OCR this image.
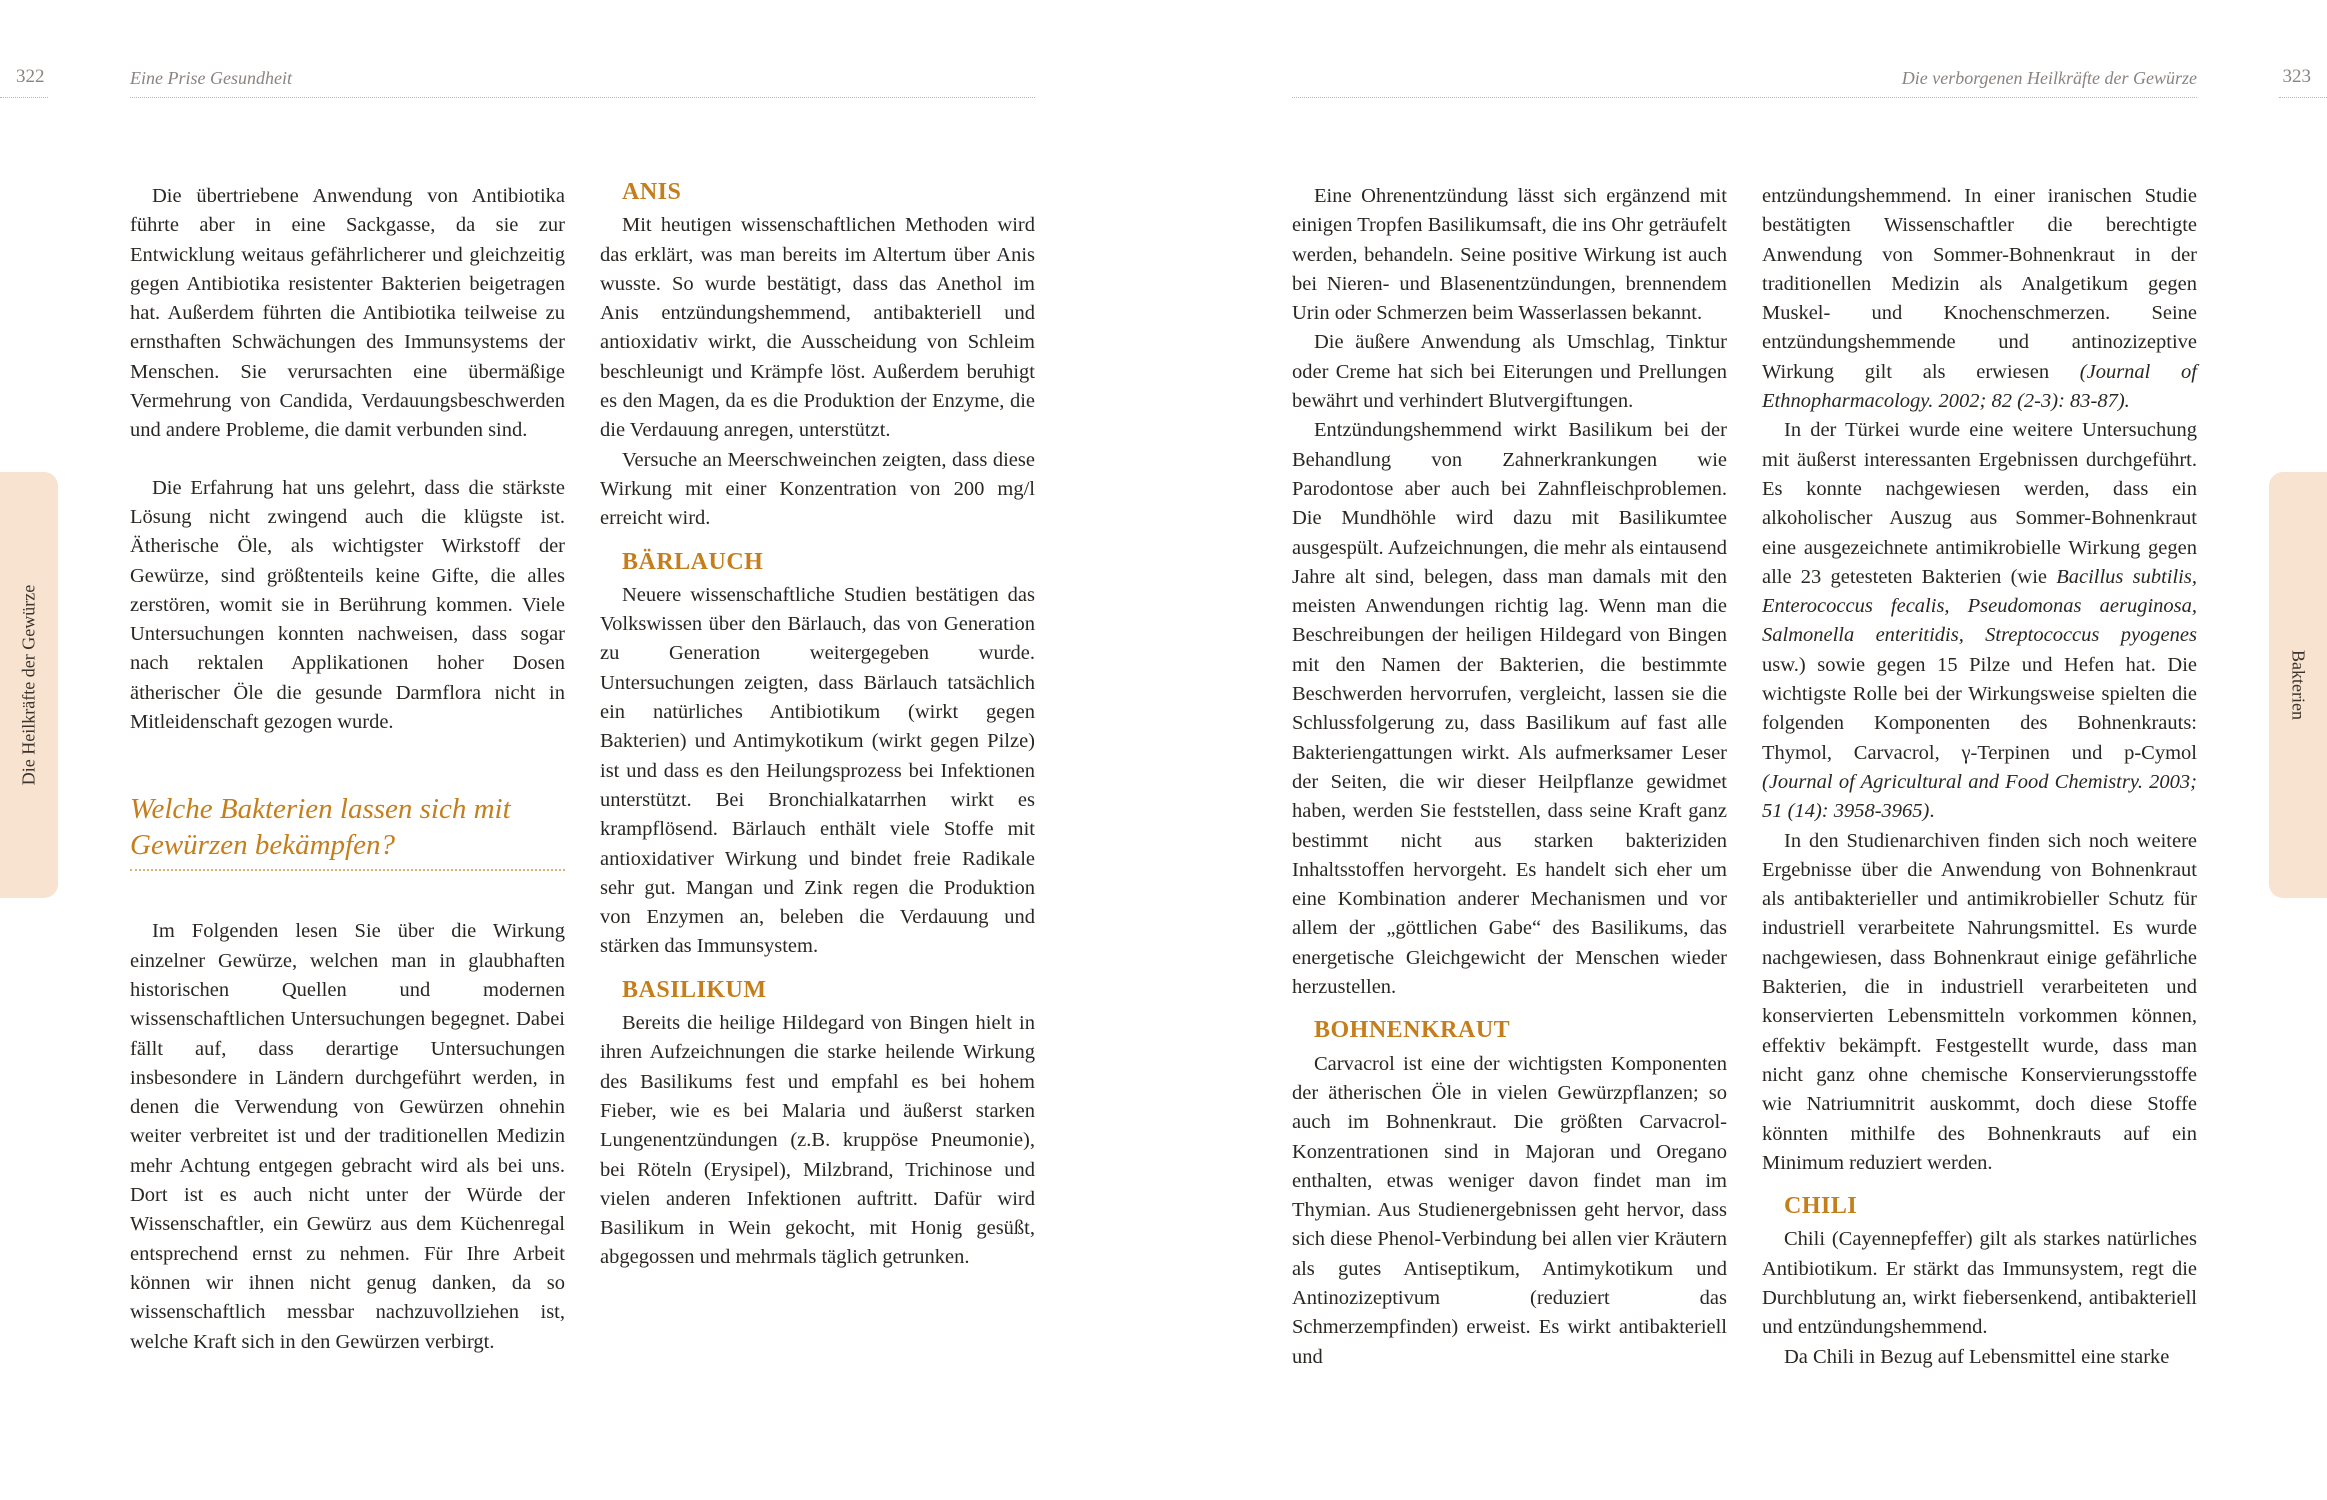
322	Eine Prise Gesundheit	Die verborgenen Heilkräfte der Gewürze	323
Die Heilkräfte der Gewürze	Bakterien

Die übertriebene Anwendung von Antibiotika führte aber in eine Sackgasse, da sie zur Entwicklung weitaus gefährlicherer und gleichzeitig gegen Antibiotika resistenter Bakterien beigetragen hat. Außerdem führten die Antibiotika teilweise zu ernsthaften Schwächungen des Immunsystems der Menschen. Sie verursachten eine übermäßige Vermehrung von Candida, Verdauungsbeschwerden und andere Probleme, die damit verbunden sind.

Die Erfahrung hat uns gelehrt, dass die stärkste Lösung nicht zwingend auch die klügste ist. Ätherische Öle, als wichtigster Wirkstoff der Gewürze, sind größtenteils keine Gifte, die alles zerstören, womit sie in Berührung kommen. Viele Untersuchungen konnten nachweisen, dass sogar nach rektalen Applikationen hoher Dosen ätherischer Öle die gesunde Darmflora nicht in Mitleidenschaft gezogen wurde.

Welche Bakterien lassen sich mit Gewürzen bekämpfen?

Im Folgenden lesen Sie über die Wirkung einzelner Gewürze, welchen man in glaubhaften historischen Quellen und modernen wissenschaftlichen Untersuchungen begegnet. Dabei fällt auf, dass derartige Untersuchungen insbesondere in Ländern durchgeführt werden, in denen die Verwendung von Gewürzen ohnehin weiter verbreitet ist und der traditionellen Medizin mehr Achtung entgegen gebracht wird als bei uns. Dort ist es auch nicht unter der Würde der Wissenschaftler, ein Gewürz aus dem Küchenregal entsprechend ernst zu nehmen. Für Ihre Arbeit können wir ihnen nicht genug danken, da so wissenschaftlich messbar nachzuvollziehen ist, welche Kraft sich in den Gewürzen verbirgt.

ANIS

Mit heutigen wissenschaftlichen Methoden wird das erklärt, was man bereits im Altertum über Anis wusste. So wurde bestätigt, dass das Anethol im Anis entzündungshemmend, antibakteriell und antioxidativ wirkt, die Ausscheidung von Schleim beschleunigt und Krämpfe löst. Außerdem beruhigt es den Magen, da es die Produktion der Enzyme, die die Verdauung anregen, unterstützt.

Versuche an Meerschweinchen zeigten, dass diese Wirkung mit einer Konzentration von 200 mg/l erreicht wird.

BÄRLAUCH

Neuere wissenschaftliche Studien bestätigen das Volkswissen über den Bärlauch, das von Generation zu Generation weitergegeben wurde. Untersuchungen zeigten, dass Bärlauch tatsächlich ein natürliches Antibiotikum (wirkt gegen Bakterien) und Antimykotikum (wirkt gegen Pilze) ist und dass es den Heilungsprozess bei Infektionen unterstützt. Bei Bronchialkatarrhen wirkt es krampflösend. Bärlauch enthält viele Stoffe mit antioxidativer Wirkung und bindet freie Radikale sehr gut. Mangan und Zink regen die Produktion von Enzymen an, beleben die Verdauung und stärken das Immunsystem.

BASILIKUM

Bereits die heilige Hildegard von Bingen hielt in ihren Aufzeichnungen die starke heilende Wirkung des Basilikums fest und empfahl es bei hohem Fieber, wie es bei Malaria und äußerst starken Lungenentzündungen (z.B. kruppöse Pneumonie), bei Röteln (Erysipel), Milzbrand, Trichinose und vielen anderen Infektionen auftritt. Dafür wird Basilikum in Wein gekocht, mit Honig gesüßt, abgegossen und mehrmals täglich getrunken.

Eine Ohrenentzündung lässt sich ergänzend mit einigen Tropfen Basilikumsaft, die ins Ohr geträufelt werden, behandeln. Seine positive Wirkung ist auch bei Nieren- und Blasenentzündungen, brennendem Urin oder Schmerzen beim Wasserlassen bekannt.

Die äußere Anwendung als Umschlag, Tinktur oder Creme hat sich bei Eiterungen und Prellungen bewährt und verhindert Blutvergiftungen.

Entzündungshemmend wirkt Basilikum bei der Behandlung von Zahnerkrankungen wie Parodontose aber auch bei Zahnfleischproblemen. Die Mundhöhle wird dazu mit Basilikumtee ausgespült. Aufzeichnungen, die mehr als eintausend Jahre alt sind, belegen, dass man damals mit den meisten Anwendungen richtig lag. Wenn man die Beschreibungen der heiligen Hildegard von Bingen mit den Namen der Bakterien, die bestimmte Beschwerden hervorrufen, vergleicht, lassen sie die Schlussfolgerung zu, dass Basilikum auf fast alle Bakteriengattungen wirkt. Als aufmerksamer Leser der Seiten, die wir dieser Heilpflanze gewidmet haben, werden Sie feststellen, dass seine Kraft ganz bestimmt nicht aus starken bakteriziden Inhaltsstoffen hervorgeht. Es handelt sich eher um eine Kombination anderer Mechanismen und vor allem der „göttlichen Gabe“ des Basilikums, das energetische Gleichgewicht der Menschen wieder herzustellen.

BOHNENKRAUT

Carvacrol ist eine der wichtigsten Komponenten der ätherischen Öle in vielen Gewürzpflanzen; so auch im Bohnenkraut. Die größten Carvacrol-Konzentrationen sind in Majoran und Oregano enthalten, etwas weniger davon findet man im Thymian. Aus Studienergebnissen geht hervor, dass sich diese Phenol-Verbindung bei allen vier Kräutern als gutes Antiseptikum, Antimykotikum und Antinozizeptivum (reduziert das Schmerzempfinden) erweist. Es wirkt antibakteriell und

entzündungshemmend. In einer iranischen Studie bestätigten Wissenschaftler die berechtigte Anwendung von Sommer-Bohnenkraut in der traditionellen Medizin als Analgetikum gegen Muskel- und Knochenschmerzen. Seine entzündungshemmende und antinozizeptive Wirkung gilt als erwiesen (Journal of Ethnopharmacology. 2002; 82 (2-3): 83-87).

In der Türkei wurde eine weitere Untersuchung mit äußerst interessanten Ergebnissen durchgeführt. Es konnte nachgewiesen werden, dass ein alkoholischer Auszug aus Sommer-Bohnenkraut eine ausgezeichnete antimikrobielle Wirkung gegen alle 23 getesteten Bakterien (wie Bacillus subtilis, Enterococcus fecalis, Pseudomonas aeruginosa, Salmonella enteritidis, Streptococcus pyogenes usw.) sowie gegen 15 Pilze und Hefen hat. Die wichtigste Rolle bei der Wirkungsweise spielten die folgenden Komponenten des Bohnenkrauts: Thymol, Carvacrol, γ-Terpinen und p-Cymol (Journal of Agricultural and Food Chemistry. 2003; 51 (14): 3958-3965).

In den Studienarchiven finden sich noch weitere Ergebnisse über die Anwendung von Bohnenkraut als antibakterieller und antimikrobieller Schutz für industriell verarbeitete Nahrungsmittel. Es wurde nachgewiesen, dass Bohnenkraut einige gefährliche Bakterien, die in industriell verarbeiteten und konservierten Lebensmitteln vorkommen können, effektiv bekämpft. Festgestellt wurde, dass man nicht ganz ohne chemische Konservierungsstoffe wie Natriumnitrit auskommt, doch diese Stoffe könnten mithilfe des Bohnenkrauts auf ein Minimum reduziert werden.

CHILI

Chili (Cayennepfeffer) gilt als starkes natürliches Antibiotikum. Er stärkt das Immunsystem, regt die Durchblutung an, wirkt fiebersenkend, antibakteriell und entzündungshemmend.

Da Chili in Bezug auf Lebensmittel eine starke
